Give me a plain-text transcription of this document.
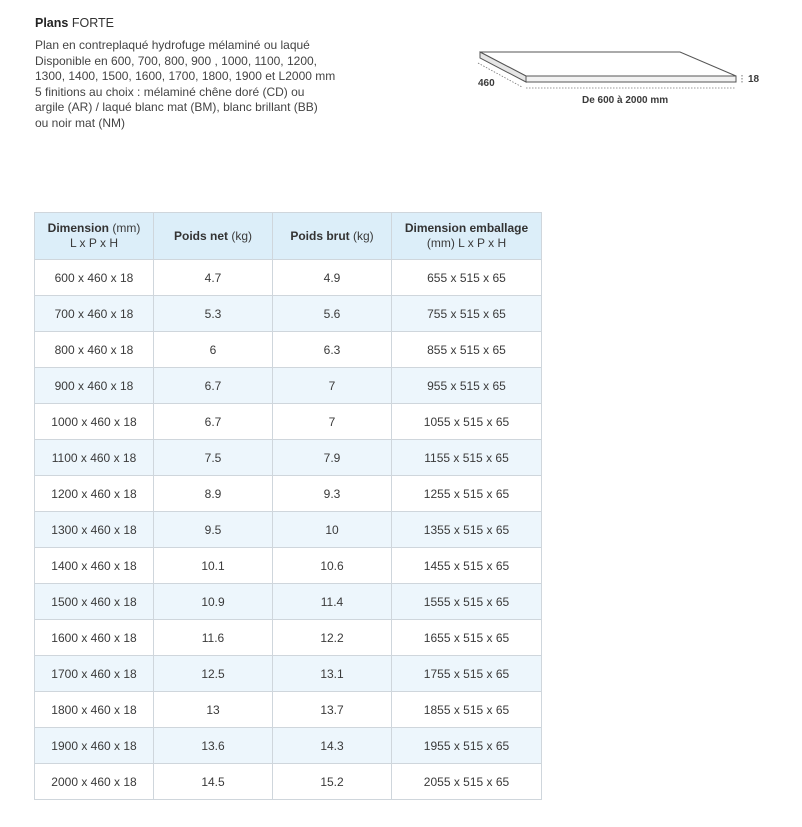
Plans FORTE
Plan en contreplaqué hydrofuge mélaminé ou laqué
Disponible en 600, 700, 800, 900 , 1000, 1100, 1200,
1300, 1400, 1500, 1600, 1700, 1800, 1900 et L2000 mm
5 finitions au choix : mélaminé chêne doré (CD) ou
argile (AR) / laqué blanc mat (BM), blanc brillant (BB)
ou noir mat (NM)
460	18
De 600 à 2000 mm
Dimension (mm)
L x P x H	Poids net (kg)	Poids brut (kg)	Dimension emballage
(mm) L x P x H
600 x 460 x 18	4.7	4.9	655 x 515 x 65
700 x 460 x 18	5.3	5.6	755 x 515 x 65
800 x 460 x 18	6	6.3	855 x 515 x 65
900 x 460 x 18	6.7	7	955 x 515 x 65
1000 x 460 x 18	6.7	7	1055 x 515 x 65
1100 x 460 x 18	7.5	7.9	1155 x 515 x 65
1200 x 460 x 18	8.9	9.3	1255 x 515 x 65
1300 x 460 x 18	9.5	10	1355 x 515 x 65
1400 x 460 x 18	10.1	10.6	1455 x 515 x 65
1500 x 460 x 18	10.9	11.4	1555 x 515 x 65
1600 x 460 x 18	11.6	12.2	1655 x 515 x 65
1700 x 460 x 18	12.5	13.1	1755 x 515 x 65
1800 x 460 x 18	13	13.7	1855 x 515 x 65
1900 x 460 x 18	13.6	14.3	1955 x 515 x 65
2000 x 460 x 18	14.5	15.2	2055 x 515 x 65
